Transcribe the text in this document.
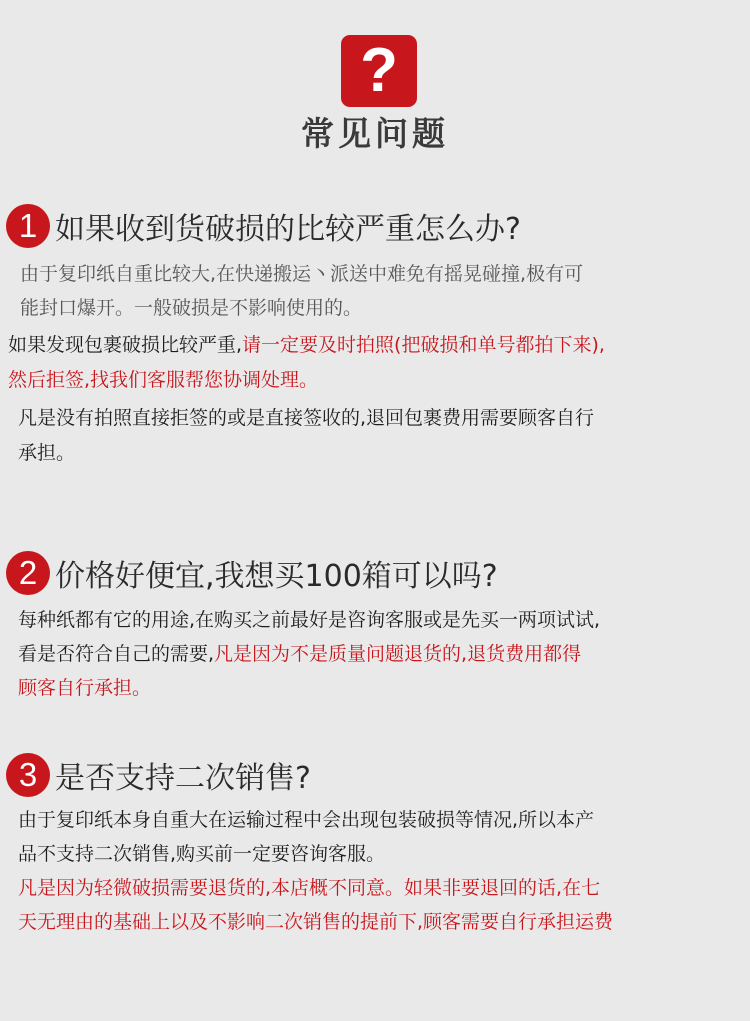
?
常见问题
1 如果收到货破损的比较严重怎么办?
由于复印纸自重比较大,在快递搬运丶派送中难免有摇晃碰撞,极有可
能封口爆开。一般破损是不影响使用的。
如果发现包裹破损比较严重,请一定要及时拍照(把破损和单号都拍下来),
然后拒签,找我们客服帮您协调处理。
凡是没有拍照直接拒签的或是直接签收的,退回包裹费用需要顾客自行
承担。
2 价格好便宜,我想买100箱可以吗?
每种纸都有它的用途,在购买之前最好是咨询客服或是先买一两项试试,
看是否符合自己的需要,凡是因为不是质量问题退货的,退货费用都得
顾客自行承担。
3 是否支持二次销售?
由于复印纸本身自重大在运输过程中会出现包装破损等情况,所以本产
品不支持二次销售,购买前一定要咨询客服。
凡是因为轻微破损需要退货的,本店概不同意。如果非要退回的话,在七
天无理由的基础上以及不影响二次销售的提前下,顾客需要自行承担运费
